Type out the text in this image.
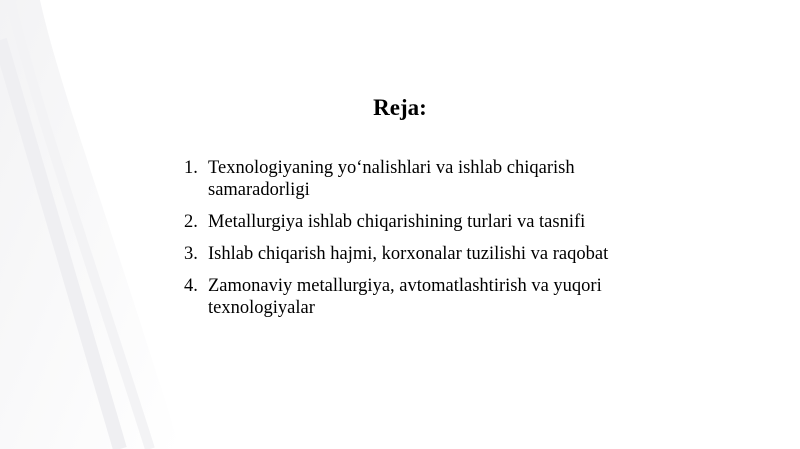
Reja:
1. Texnologiyaning yo‘nalishlari va ishlab chiqarish samaradorligi
2. Metallurgiya ishlab chiqarishining turlari va tasnifi
3. Ishlab chiqarish hajmi, korxonalar tuzilishi va raqobat
4. Zamonaviy metallurgiya, avtomatlashtirish va yuqori texnologiyalar
